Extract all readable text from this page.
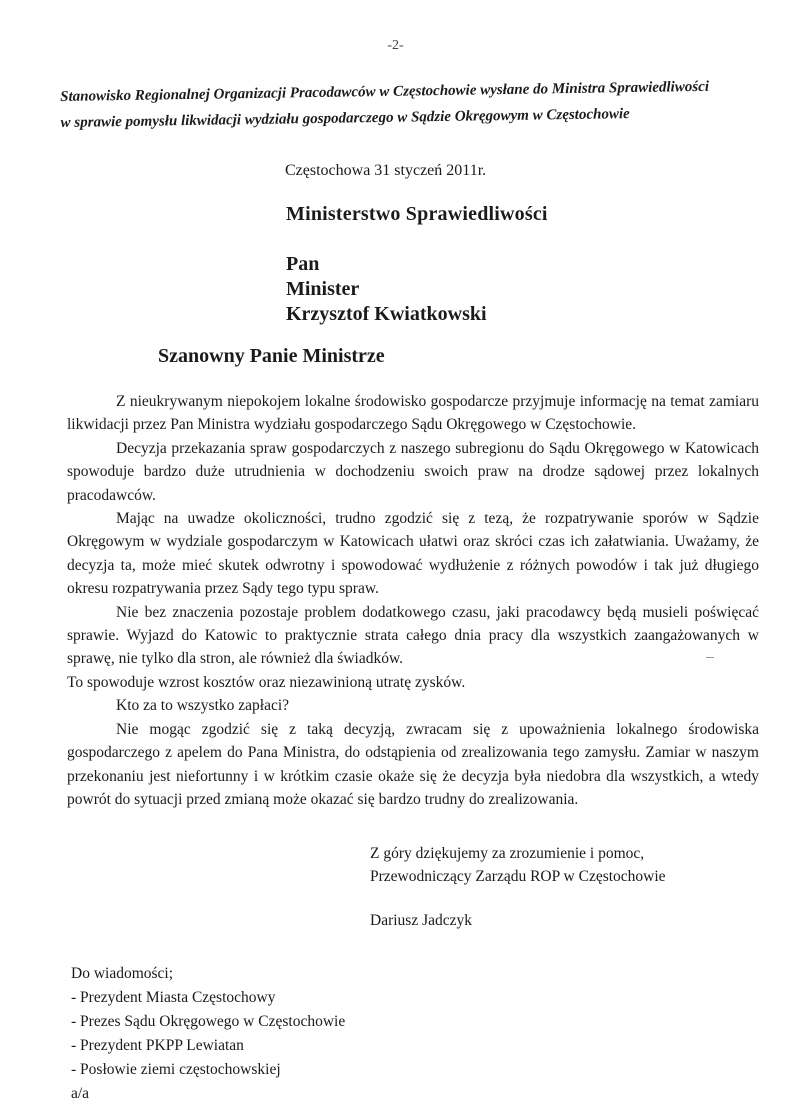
-2-
Stanowisko Regionalnej Organizacji Pracodawców w Częstochowie wysłane do Ministra Sprawiedliwości
w sprawie pomysłu likwidacji wydziału gospodarczego w Sądzie Okręgowym w Częstochowie
Częstochowa 31 styczeń 2011r.
Ministerstwo Sprawiedliwości
Pan
Minister
Krzysztof Kwiatkowski
Szanowny Panie Ministrze

Z nieukrywanym niepokojem lokalne środowisko gospodarcze przyjmuje informację na temat zamiaru likwidacji przez Pan Ministra wydziału gospodarczego Sądu Okręgowego w Częstochowie.

Decyzja przekazania spraw gospodarczych z naszego subregionu do Sądu Okręgowego w Katowicach spowoduje bardzo duże utrudnienia w dochodzeniu swoich praw na drodze sądowej przez lokalnych pracodawców.

Mając na uwadze okoliczności, trudno zgodzić się z tezą, że rozpatrywanie sporów w Sądzie Okręgowym w wydziale gospodarczym w Katowicach ułatwi oraz skróci czas ich załatwiania. Uważamy, że decyzja ta, może mieć skutek odwrotny i spowodować wydłużenie z różnych powodów i tak już długiego okresu rozpatrywania przez Sądy tego typu spraw.

Nie bez znaczenia pozostaje problem dodatkowego czasu, jaki pracodawcy będą musieli poświęcać sprawie. Wyjazd do Katowic to praktycznie strata całego dnia pracy dla wszystkich zaangażowanych w sprawę, nie tylko dla stron, ale również dla świadków.

To spowoduje wzrost kosztów oraz niezawinioną utratę zysków.

Kto za to wszystko zapłaci?

Nie mogąc zgodzić się z taką decyzją, zwracam się z upoważnienia lokalnego środowiska gospodarczego z apelem do Pana Ministra, do odstąpienia od zrealizowania tego zamysłu. Zamiar w naszym przekonaniu jest niefortunny i w krótkim czasie okaże się że decyzja była niedobra dla wszystkich, a wtedy powrót do sytuacji przed zmianą może okazać się bardzo trudny do zrealizowania.

Z góry dziękujemy za zrozumienie i pomoc,
Przewodniczący Zarządu ROP w Częstochowie
Dariusz Jadczyk
Do wiadomości;
- Prezydent Miasta Częstochowy
- Prezes Sądu Okręgowego w Częstochowie
- Prezydent PKPP Lewiatan
- Posłowie ziemi częstochowskiej
a/a
